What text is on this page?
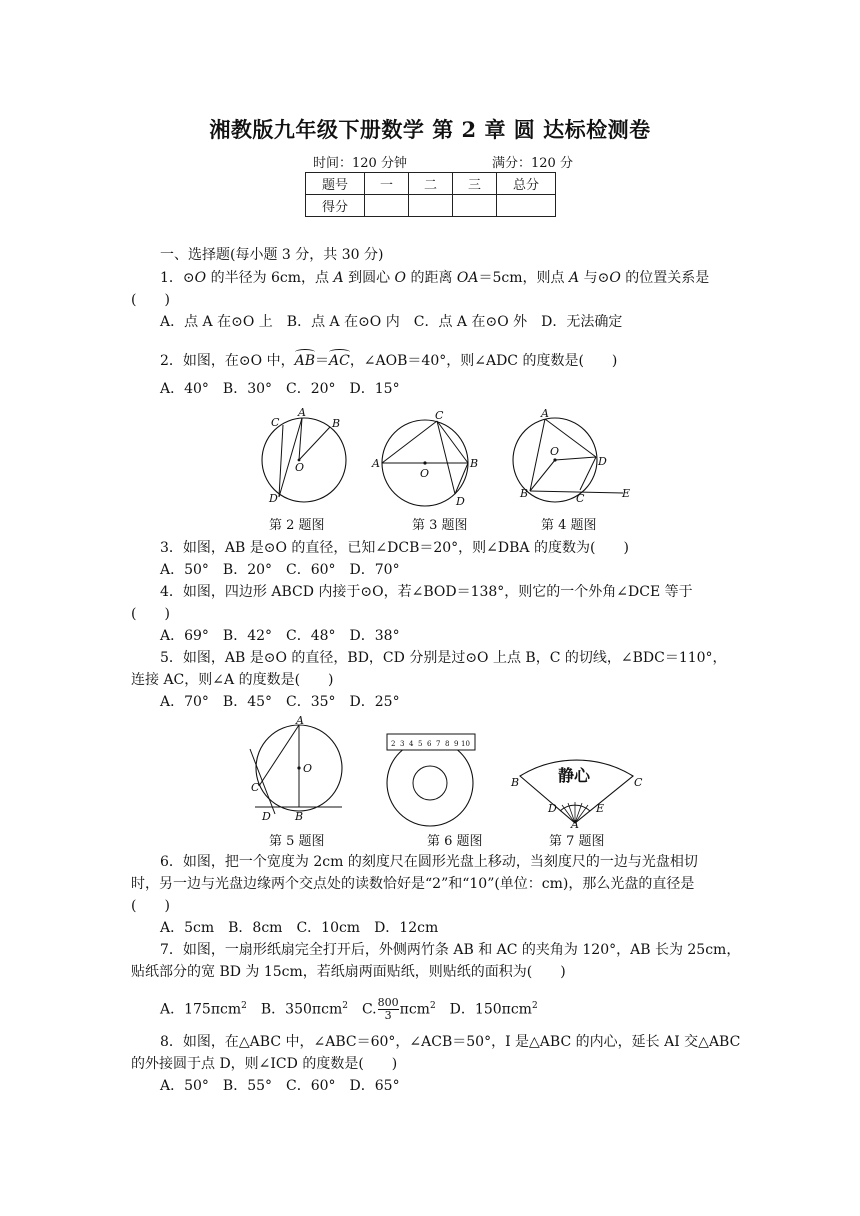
湘教版九年级下册数学 第 2 章 圆 达标检测卷
时间：120 分钟	满分：120 分
题号	一	二	三	总分
得分				
一、选择题(每小题 3 分，共 30 分)
1．⊙O 的半径为 6cm，点 A 到圆心 O 的距离 OA＝5cm，则点 A 与⊙O 的位置关系是
(　　)
A．点 A 在⊙O 上　B．点 A 在⊙O 内　C．点 A 在⊙O 外　D．无法确定
2．如图，在⊙O 中，AB＝AC，∠AOB＝40°，则∠ADC 的度数是(　　)
A．40°　B．30°　C．20°　D．15°
A
B
C
O
D
第 2 题图
C
A
O
B
D
第 3 题图
A
O
D
B	C	E
第 4 题图
3．如图，AB 是⊙O 的直径，已知∠DCB＝20°，则∠DBA 的度数为(　　)
A．50°　B．20°　C．60°　D．70°
4．如图，四边形 ABCD 内接于⊙O，若∠BOD＝138°，则它的一个外角∠DCE 等于
(　　)
A．69°　B．42°　C．48°　D．38°
5．如图，AB 是⊙O 的直径，BD，CD 分别是过⊙O 上点 B，C 的切线，∠BDC＝110°，
连接 AC，则∠A 的度数是(　　)
A．70°　B．45°　C．35°　D．25°
A
O
C
D B
第 5 题图
2 3 4 5 6 7 8 9 10
第 6 题图
静心
B	C
D	E
A
第 7 题图
6．如图，把一个宽度为 2cm 的刻度尺在圆形光盘上移动，当刻度尺的一边与光盘相切
时，另一边与光盘边缘两个交点处的读数恰好是“2”和“10”(单位：cm)，那么光盘的直径是
(　　)
A．5cm　B．8cm　C．10cm　D．12cm
7．如图，一扇形纸扇完全打开后，外侧两竹条 AB 和 AC 的夹角为 120°，AB 长为 25cm，
贴纸部分的宽 BD 为 15cm，若纸扇两面贴纸，则贴纸的面积为(　　)
A．175πcm$^2$　B．350πcm$^2$　C. $\frac{800}{3} \pi cm^2$　D．150πcm$^2$
8．如图，在△ABC 中，∠ABC＝60°，∠ACB＝50°，I 是△ABC 的内心，延长 AI 交△ABC
的外接圆于点 D，则∠ICD 的度数是(　　)
A．50°　B．55°　C．60°　D．65°
